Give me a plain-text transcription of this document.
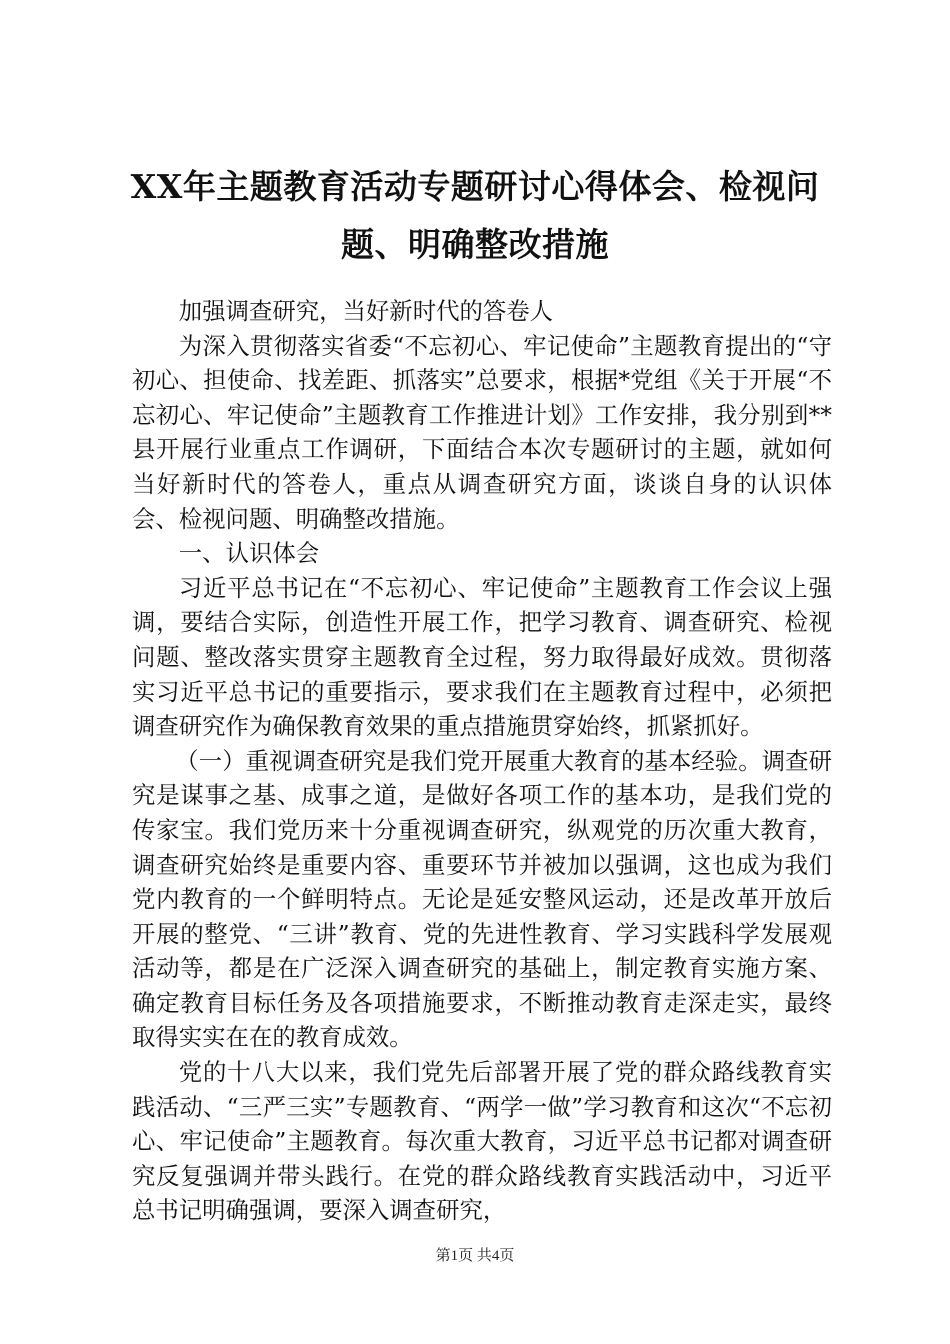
XX年主题教育活动专题研讨心得体会、检视问题、明确整改措施

加强调查研究，当好新时代的答卷人

为深入贯彻落实省委“不忘初心、牢记使命”主题教育提出的“守初心、担使命、找差距、抓落实”总要求，根据*党组《关于开展“不忘初心、牢记使命”主题教育工作推进计划》工作安排，我分别到**县开展行业重点工作调研，下面结合本次专题研讨的主题，就如何当好新时代的答卷人，重点从调查研究方面，谈谈自身的认识体会、检视问题、明确整改措施。

一、认识体会

习近平总书记在“不忘初心、牢记使命”主题教育工作会议上强调，要结合实际，创造性开展工作，把学习教育、调查研究、检视问题、整改落实贯穿主题教育全过程，努力取得最好成效。贯彻落实习近平总书记的重要指示，要求我们在主题教育过程中，必须把调查研究作为确保教育效果的重点措施贯穿始终，抓紧抓好。

（一）重视调查研究是我们党开展重大教育的基本经验。调查研究是谋事之基、成事之道，是做好各项工作的基本功，是我们党的传家宝。我们党历来十分重视调查研究，纵观党的历次重大教育，调查研究始终是重要内容、重要环节并被加以强调，这也成为我们党内教育的一个鲜明特点。无论是延安整风运动，还是改革开放后开展的整党、“三讲”教育、党的先进性教育、学习实践科学发展观活动等，都是在广泛深入调查研究的基础上，制定教育实施方案、确定教育目标任务及各项措施要求，不断推动教育走深走实，最终取得实实在在的教育成效。

党的十八大以来，我们党先后部署开展了党的群众路线教育实践活动、“三严三实”专题教育、“两学一做”学习教育和这次“不忘初心、牢记使命”主题教育。每次重大教育，习近平总书记都对调查研究反复强调并带头践行。在党的群众路线教育实践活动中，习近平总书记明确强调，要深入调查研究，

第1页 共4页
